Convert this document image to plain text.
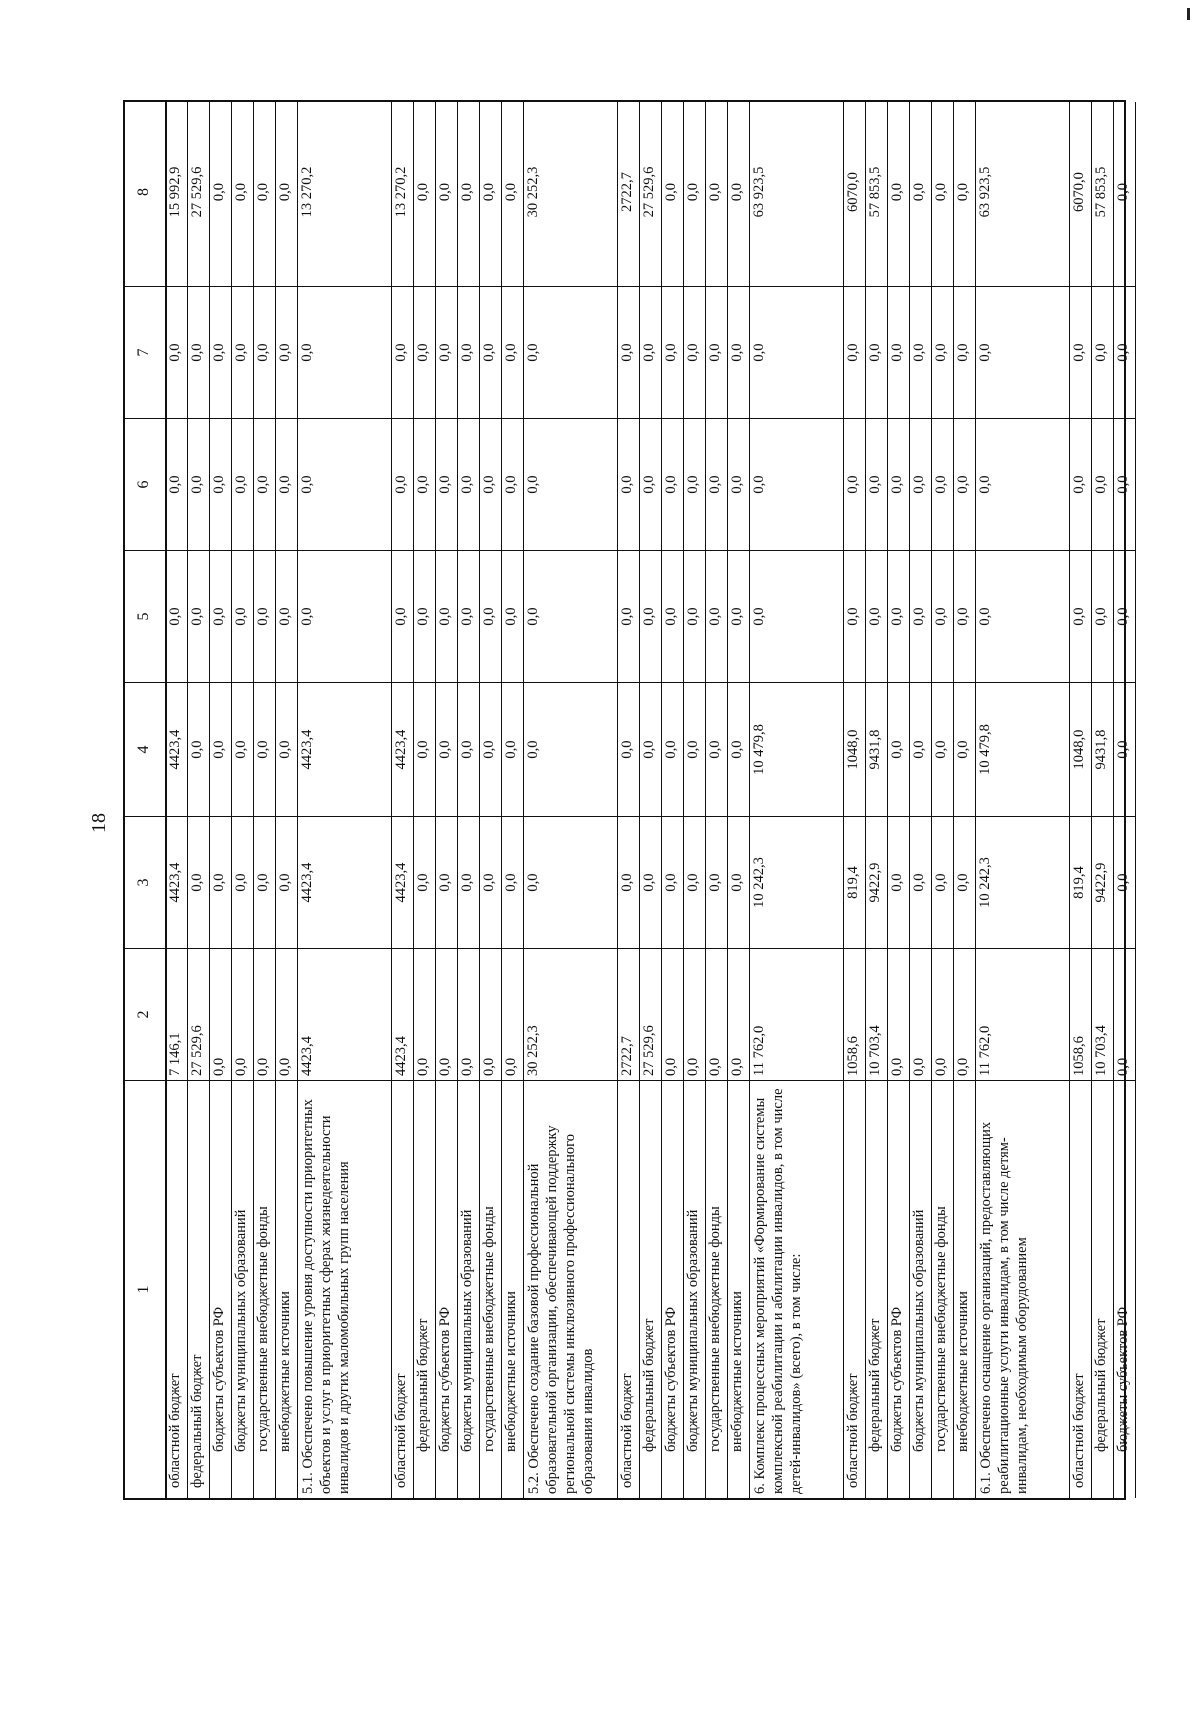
18
1
2
3
4
5
6
7
8
областной бюджет
7 146,1
4423,4
4423,4
0,0
0,0
0,0
15 992,9
федеральный бюджет
27 529,6
0,0
0,0
0,0
0,0
0,0
27 529,6
бюджеты субъектов РФ
0,0
0,0
0,0
0,0
0,0
0,0
0,0
бюджеты муниципальных образований
0,0
0,0
0,0
0,0
0,0
0,0
0,0
государственные внебюджетные фонды
0,0
0,0
0,0
0,0
0,0
0,0
0,0
внебюджетные источники
0,0
0,0
0,0
0,0
0,0
0,0
0,0
5.1. Обеспечено повышение уровня доступности приоритетных объектов и услуг в приоритетных сферах жизнедеятельности инвалидов и других маломобильных групп населения
4423,4
4423,4
4423,4
0,0
0,0
0,0
13 270,2
областной бюджет
4423,4
4423,4
4423,4
0,0
0,0
0,0
13 270,2
федеральный бюджет
0,0
0,0
0,0
0,0
0,0
0,0
0,0
бюджеты субъектов РФ
0,0
0,0
0,0
0,0
0,0
0,0
0,0
бюджеты муниципальных образований
0,0
0,0
0,0
0,0
0,0
0,0
0,0
государственные внебюджетные фонды
0,0
0,0
0,0
0,0
0,0
0,0
0,0
внебюджетные источники
0,0
0,0
0,0
0,0
0,0
0,0
0,0
5.2. Обеспечено создание базовой профессиональной образовательной организации, обеспечивающей поддержку региональной системы инклюзивного профессионального образования инвалидов
30 252,3
0,0
0,0
0,0
0,0
0,0
30 252,3
областной бюджет
2722,7
0,0
0,0
0,0
0,0
0,0
2722,7
федеральный бюджет
27 529,6
0,0
0,0
0,0
0,0
0,0
27 529,6
бюджеты субъектов РФ
0,0
0,0
0,0
0,0
0,0
0,0
0,0
бюджеты муниципальных образований
0,0
0,0
0,0
0,0
0,0
0,0
0,0
государственные внебюджетные фонды
0,0
0,0
0,0
0,0
0,0
0,0
0,0
внебюджетные источники
0,0
0,0
0,0
0,0
0,0
0,0
0,0
6. Комплекс процессных мероприятий «Формирование системы комплексной реабилитации и абилитации инвалидов, в том числе детей-инвалидов» (всего), в том числе:
11 762,0
10 242,3
10 479,8
0,0
0,0
0,0
63 923,5
областной бюджет
1058,6
819,4
1048,0
0,0
0,0
0,0
6070,0
федеральный бюджет
10 703,4
9422,9
9431,8
0,0
0,0
0,0
57 853,5
бюджеты субъектов РФ
0,0
0,0
0,0
0,0
0,0
0,0
0,0
бюджеты муниципальных образований
0,0
0,0
0,0
0,0
0,0
0,0
0,0
государственные внебюджетные фонды
0,0
0,0
0,0
0,0
0,0
0,0
0,0
внебюджетные источники
0,0
0,0
0,0
0,0
0,0
0,0
0,0
6.1. Обеспечено оснащение организаций, предоставляющих реабилитационные услуги инвалидам, в том числе детям-инвалидам, необходимым оборудованием
11 762,0
10 242,3
10 479,8
0,0
0,0
0,0
63 923,5
областной бюджет
1058,6
819,4
1048,0
0,0
0,0
0,0
6070,0
федеральный бюджет
10 703,4
9422,9
9431,8
0,0
0,0
0,0
57 853,5
бюджеты субъектов РФ
0,0
0,0
0,0
0,0
0,0
0,0
0,0
